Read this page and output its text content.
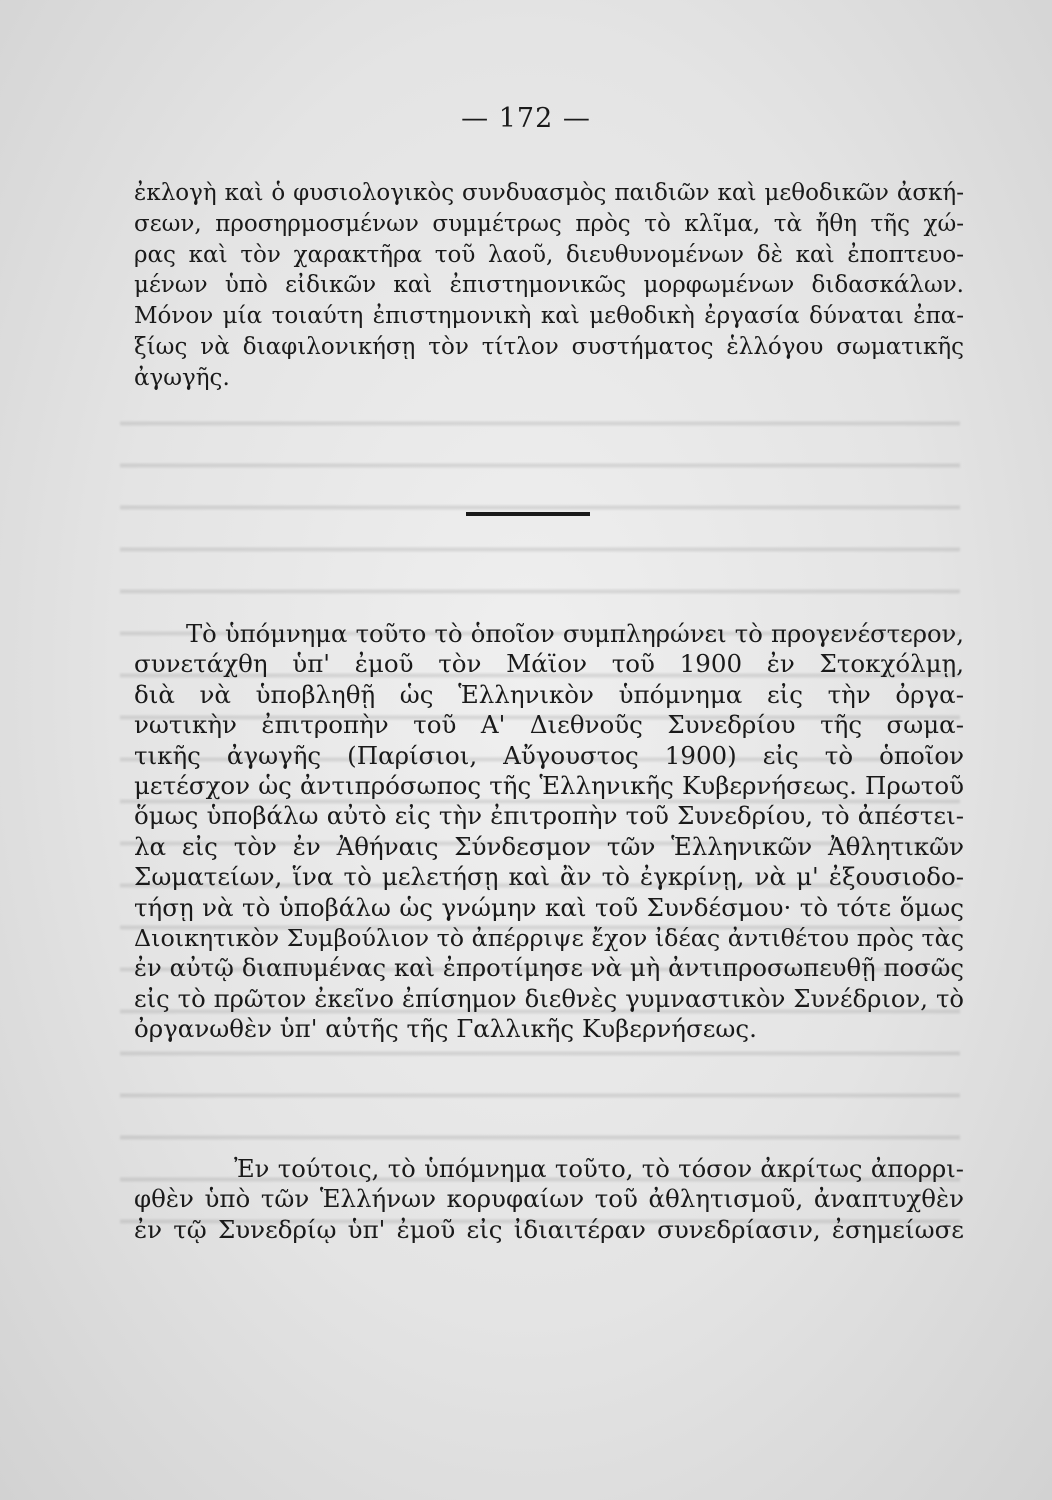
— 172 —
ἐκλογὴ καὶ ὁ φυσιολογικὸς συνδυασμὸς παιδιῶν καὶ μεθοδικῶν ἀσκή-
σεων, προσηρμοσμένων συμμέτρως πρὸς τὸ κλῖμα, τὰ ἤθη τῆς χώ-
ρας καὶ τὸν χαρακτῆρα τοῦ λαοῦ, διευθυνομένων δὲ καὶ ἐποπτευο-
μένων ὑπὸ εἰδικῶν καὶ ἐπιστημονικῶς μορφωμένων διδασκάλων.
Μόνον μία τοιαύτη ἐπιστημονικὴ καὶ μεθοδικὴ ἐργασία δύναται ἐπα-
ξίως νὰ διαφιλονικήσῃ τὸν τίτλον συστήματος ἑλλόγου σωματικῆς
ἀγωγῆς.
Τὸ ὑπόμνημα τοῦτο τὸ ὁποῖον συμπληρώνει τὸ προγενέστερον,
συνετάχθη ὑπ' ἐμοῦ τὸν Μάϊον τοῦ 1900 ἐν Στοκχόλμῃ,
διὰ νὰ ὑποβληθῇ ὡς Ἑλληνικὸν ὑπόμνημα εἰς τὴν ὀργα-
νωτικὴν ἐπιτροπὴν τοῦ Α' Διεθνοῦς Συνεδρίου τῆς σωμα-
τικῆς ἀγωγῆς (Παρίσιοι, Αὔγουστος 1900) εἰς τὸ ὁποῖον
μετέσχον ὡς ἀντιπρόσωπος τῆς Ἑλληνικῆς Κυβερνήσεως. Πρωτοῦ
ὅμως ὑποβάλω αὐτὸ εἰς τὴν ἐπιτροπὴν τοῦ Συνεδρίου, τὸ ἀπέστει-
λα εἰς τὸν ἐν Ἀθήναις Σύνδεσμον τῶν Ἑλληνικῶν Ἀθλητικῶν
Σωματείων, ἵνα τὸ μελετήσῃ καὶ ἂν τὸ ἐγκρίνῃ, νὰ μ' ἐξουσιοδο-
τήσῃ νὰ τὸ ὑποβάλω ὡς γνώμην καὶ τοῦ Συνδέσμου· τὸ τότε ὅμως
Διοικητικὸν Συμβούλιον τὸ ἀπέρριψε ἔχον ἰδέας ἀντιθέτου πρὸς τὰς
ἐν αὐτῷ διαπυμένας καὶ ἐπροτίμησε νὰ μὴ ἀντιπροσωπευθῇ ποσῶς
εἰς τὸ πρῶτον ἐκεῖνο ἐπίσημον διεθνὲς γυμναστικὸν Συνέδριον, τὸ
ὀργανωθὲν ὑπ' αὐτῆς τῆς Γαλλικῆς Κυβερνήσεως.
Ἐν τούτοις, τὸ ὑπόμνημα τοῦτο, τὸ τόσον ἀκρίτως ἀπορρι-
φθὲν ὑπὸ τῶν Ἑλλήνων κορυφαίων τοῦ ἀθλητισμοῦ, ἀναπτυχθὲν
ἐν τῷ Συνεδρίῳ ὑπ' ἐμοῦ εἰς ἰδιαιτέραν συνεδρίασιν, ἐσημείωσε
